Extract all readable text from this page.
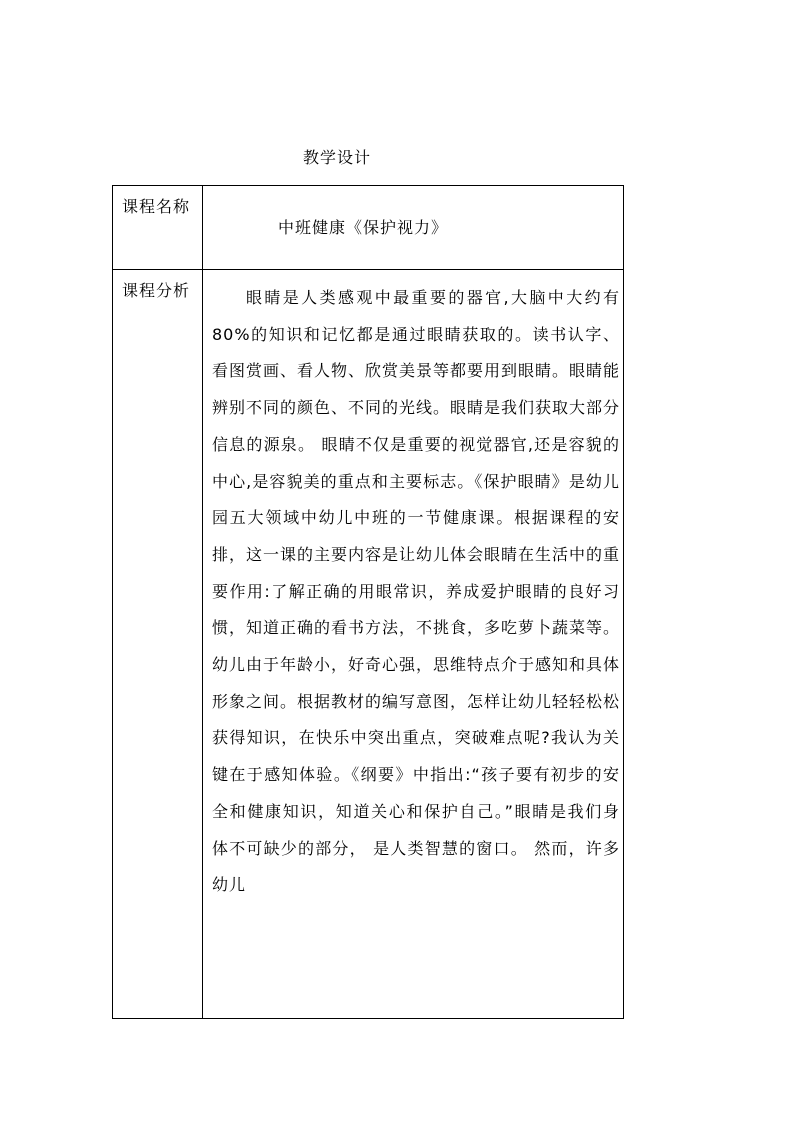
教学设计
课程名称	中班健康《保护视力》

课程分析	眼睛是人类感观中最重要的器官,大脑中大约有80%的知识和记忆都是通过眼睛获取的。读书认字、看图赏画、看人物、欣赏美景等都要用到眼睛。眼睛能辨别不同的颜色、不同的光线。眼睛是我们获取大部分信息的源泉。 眼睛不仅是重要的视觉器官,还是容貌的中心,是容貌美的重点和主要标志。《保护眼睛》是幼儿园五大领域中幼儿中班的一节健康课。根据课程的安排，这一课的主要内容是让幼儿体会眼睛在生活中的重要作用:了解正确的用眼常识，养成爱护眼睛的良好习惯，知道正确的看书方法，不挑食，多吃萝卜蔬菜等。幼儿由于年龄小，好奇心强，思维特点介于感知和具体形象之间。根据教材的编写意图，怎样让幼儿轻轻松松获得知识，在快乐中突出重点，突破难点呢?我认为关键在于感知体验。《纲要》中指出:“孩子要有初步的安全和健康知识，知道关心和保护自己。”眼睛是我们身体不可缺少的部分， 是人类智慧的窗口。 然而，许多幼儿
